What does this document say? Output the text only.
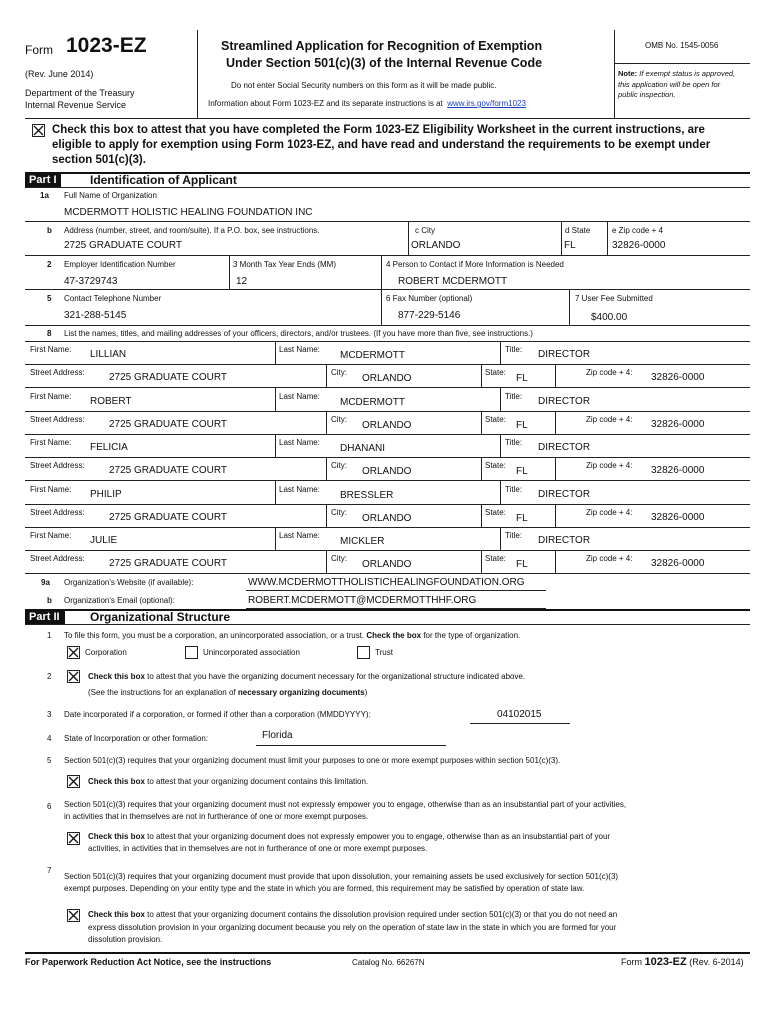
Form 1023-EZ
(Rev. June 2014)
Department of the Treasury
Internal Revenue Service
Streamlined Application for Recognition of Exemption
Under Section 501(c)(3) of the Internal Revenue Code
Do not enter Social Security numbers on this form as it will be made public.
Information about Form 1023-EZ and its separate instructions is at www.irs.gov/form1023
OMB No. 1545-0056
Note: If exempt status is approved,
this application will be open for
public inspection.
Check this box to attest that you have completed the Form 1023-EZ Eligibility Worksheet in the current instructions, are
eligible to apply for exemption using Form 1023-EZ, and have read and understand the requirements to be exempt under
section 501(c)(3).
Part I	Identification of Applicant
1a Full Name of Organization
MCDERMOTT HOLISTIC HEALING FOUNDATION INC
b Address (number, street, and room/suite). If a P.O. box, see instructions.
2725 GRADUATE COURT
c City
ORLANDO
d State
FL
e Zip code + 4
32826-0000
2 Employer Identification Number
47-3729743
3 Month Tax Year Ends (MM)
12
4 Person to Contact if More Information is Needed
ROBERT MCDERMOTT
5 Contact Telephone Number
321-288-5145
6 Fax Number (optional)
877-229-5146
7 User Fee Submitted
$400.00
8 List the names, titles, and mailing addresses of your officers, directors, and/or trustees. (If you have more than five, see instructions.)
First Name: LILLIAN	Last Name:
MCDERMOTT
Title: DIRECTOR
Street Address: 2725 GRADUATE COURT	City:
ORLANDO
State:
FL
Zip code + 4: 32826-0000
First Name: ROBERT	Last Name:
MCDERMOTT
Title: DIRECTOR
Street Address: 2725 GRADUATE COURT	City:
ORLANDO
State:
FL
Zip code + 4: 32826-0000
First Name: FELICIA	Last Name:
DHANANI
Title: DIRECTOR
Street Address: 2725 GRADUATE COURT	City:
ORLANDO
State:
FL
Zip code + 4: 32826-0000
First Name: PHILIP	Last Name:
BRESSLER
Title: DIRECTOR
Street Address: 2725 GRADUATE COURT	City:
ORLANDO
State:
FL
Zip code + 4: 32826-0000
First Name: JULIE	Last Name:
MICKLER
Title: DIRECTOR
Street Address: 2725 GRADUATE COURT	City:
ORLANDO
State:
FL
Zip code + 4: 32826-0000
9a Organization's Website (if available):	WWW.MCDERMOTTHOLISTICHEALINGFOUNDATION.ORG
b Organization's Email (optional):	ROBERT.MCDERMOTT@MCDERMOTTHHF.ORG
Part II	Organizational Structure
1 To file this form, you must be a corporation, an unincorporated association, or a trust. Check the box for the type of organization.
Corporation	Unincorporated association	Trust
2	Check this box to attest that you have the organizing document necessary for the organizational structure indicated above.
(See the instructions for an explanation of necessary organizing documents)
3 Date incorporated if a corporation, or formed if other than a corporation (MMDDYYYY):	04102015
4 State of Incorporation or other formation:	Florida
5 Section 501(c)(3) requires that your organizing document must limit your purposes to one or more exempt purposes within section 501(c)(3).
Check this box to attest that your organizing document contains this limitation.
6 Section 501(c)(3) requires that your organizing document must not expressly empower you to engage, otherwise than as an insubstantial part of your activities,
in activities that in themselves are not in furtherance of one or more exempt purposes.
Check this box to attest that your organizing document does not expressly empower you to engage, otherwise than as an insubstantial part of your
activities, in activities that in themselves are not in furtherance of one or more exempt purposes.
7
Section 501(c)(3) requires that your organizing document must provide that upon dissolution, your remaining assets be used exclusively for section 501(c)(3)
exempt purposes. Depending on your entity type and the state in which you are formed, this requirement may be satisfied by operation of state law.
Check this box to attest that your organizing document contains the dissolution provision required under section 501(c)(3) or that you do not need an
express dissolution provision in your organizing document because you rely on the operation of state law in the state in which you are formed for your
dissolution provision.
For Paperwork Reduction Act Notice, see the instructions	Catalog No. 66267N	Form 1023-EZ (Rev. 6-2014)
